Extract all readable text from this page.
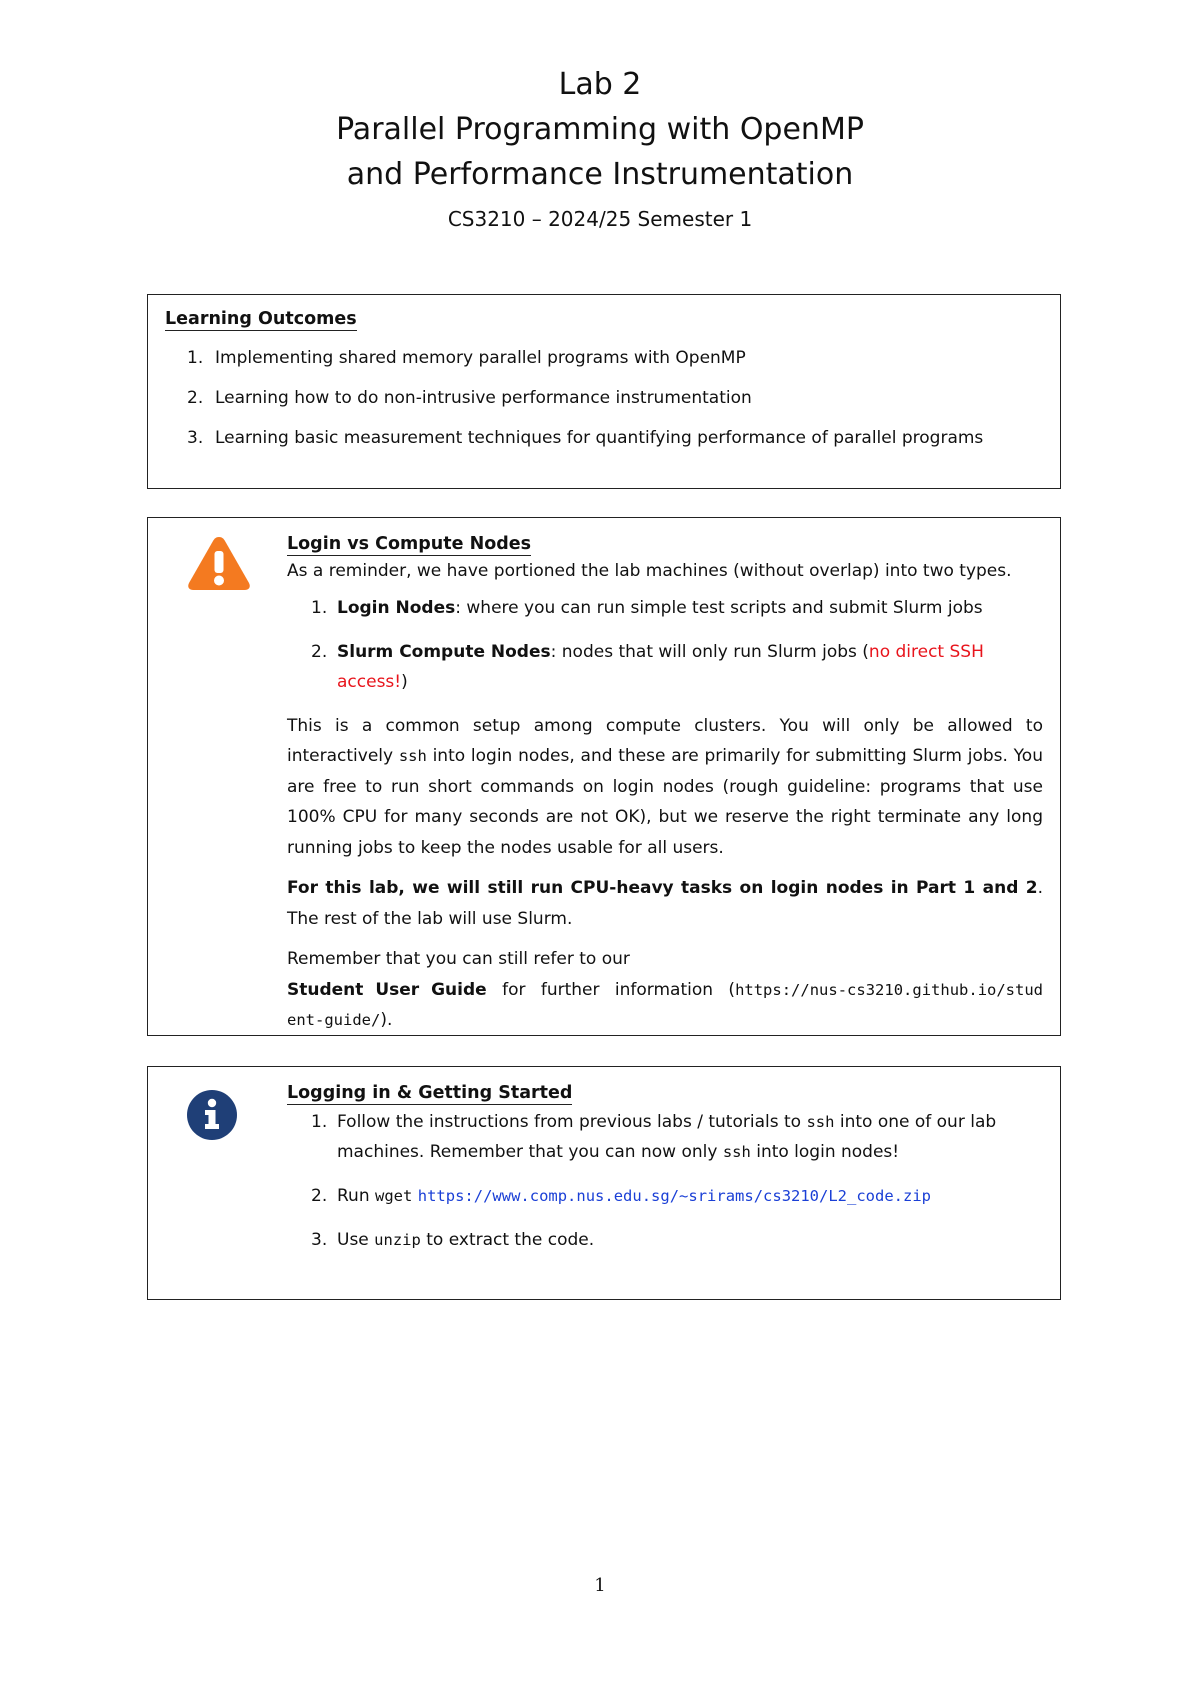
Lab 2
Parallel Programming with OpenMP
and Performance Instrumentation
CS3210 – 2024/25 Semester 1
Learning Outcomes
1. Implementing shared memory parallel programs with OpenMP
2. Learning how to do non-intrusive performance instrumentation
3. Learning basic measurement techniques for quantifying performance of parallel programs
Login vs Compute Nodes

As a reminder, we have portioned the lab machines (without overlap) into two types.

1. Login Nodes: where you can run simple test scripts and submit Slurm jobs
2. Slurm Compute Nodes: nodes that will only run Slurm jobs (no direct SSH access!)

This is a common setup among compute clusters. You will only be allowed to interactively ssh into login nodes, and these are primarily for submitting Slurm jobs. You are free to run short commands on login nodes (rough guideline: programs that use 100% CPU for many seconds are not OK), but we reserve the right terminate any long running jobs to keep the nodes usable for all users.

For this lab, we will still run CPU-heavy tasks on login nodes in Part 1 and 2. The rest of the lab will use Slurm.

Remember that you can still refer to our
Student User Guide for further information (https://nus-cs3210.github.io/student-guide/).

Logging in & Getting Started
1. Follow the instructions from previous labs / tutorials to ssh into one of our lab machines. Remember that you can now only ssh into login nodes!
2. Run wget https://www.comp.nus.edu.sg/~srirams/cs3210/L2_code.zip
3. Use unzip to extract the code.
1
